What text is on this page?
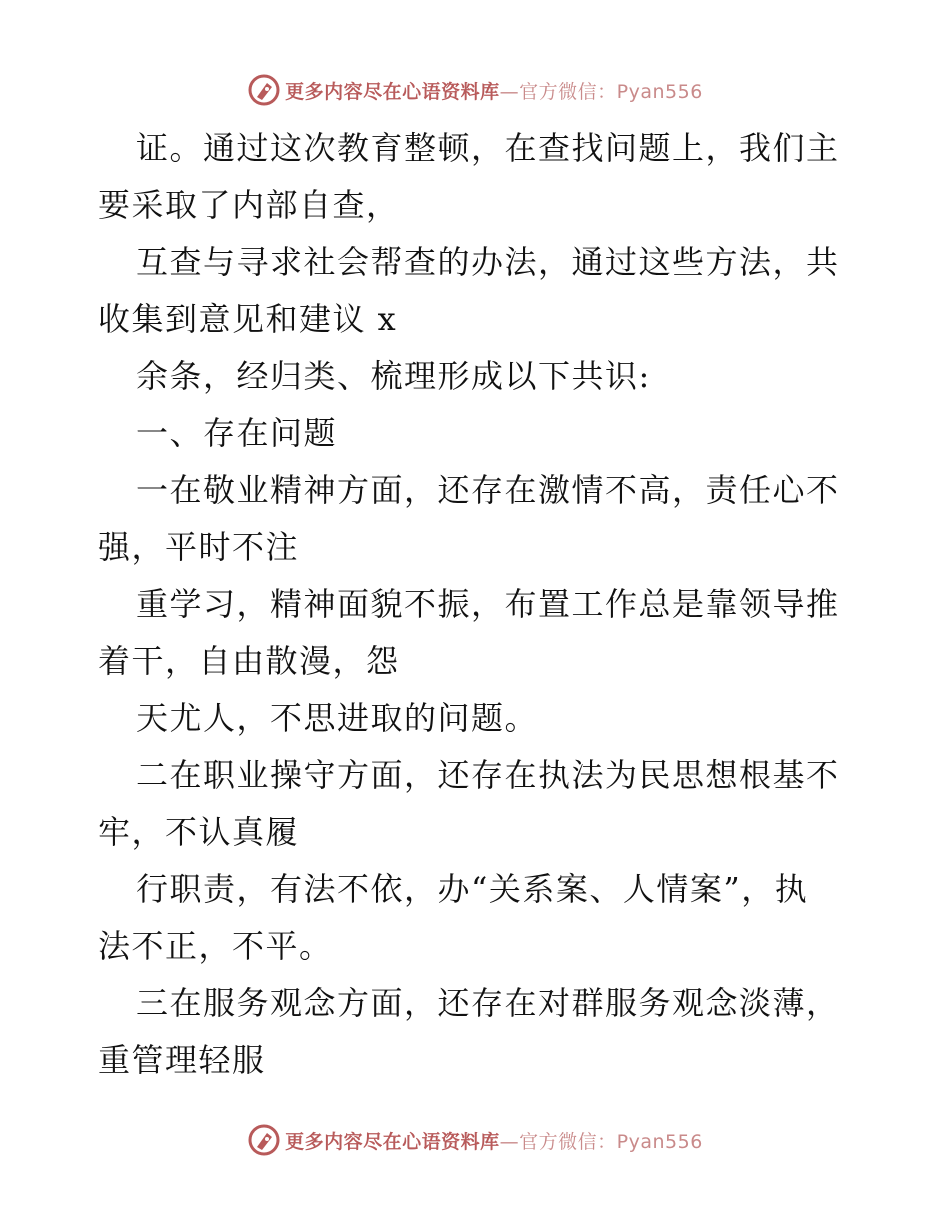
更多内容尽在心语资料库—官方微信：Pyan556

证。通过这次教育整顿，在查找问题上，我们主
要采取了内部自查，

互查与寻求社会帮查的办法，通过这些方法，共
收集到意见和建议 x

余条，经归类、梳理形成以下共识:

一、存在问题

一在敬业精神方面，还存在激情不高，责任心不
强，平时不注

重学习，精神面貌不振，布置工作总是靠领导推
着干，自由散漫，怨

天尤人，不思进取的问题。

二在职业操守方面，还存在执法为民思想根基不
牢，不认真履

行职责，有法不依，办“关系案、人情案”，执
法不正，不平。

三在服务观念方面，还存在对群服务观念淡薄，
重管理轻服

更多内容尽在心语资料库—官方微信：Pyan556
